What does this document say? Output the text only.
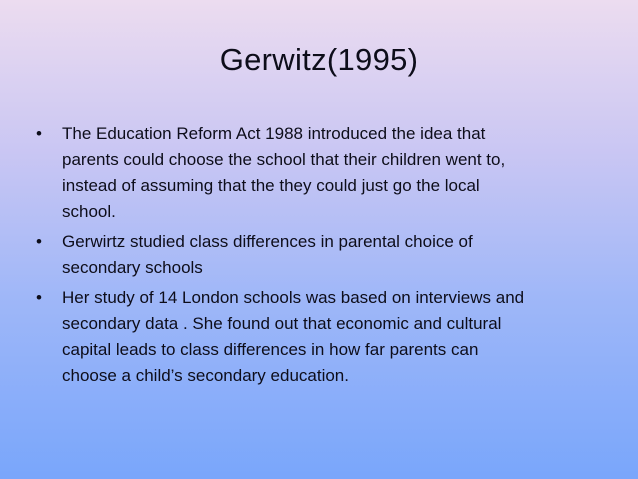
Gerwitz(1995)
•	The Education Reform Act 1988 introduced the idea that
parents could choose the school that their children went to,
instead of assuming that the they could just go the local
school.
•	Gerwirtz studied class differences in parental choice of
secondary schools
•	Her study of 14 London schools was based on interviews and
secondary data . She found out that economic and cultural
capital leads to class differences in how far parents can
choose a child’s secondary education.
